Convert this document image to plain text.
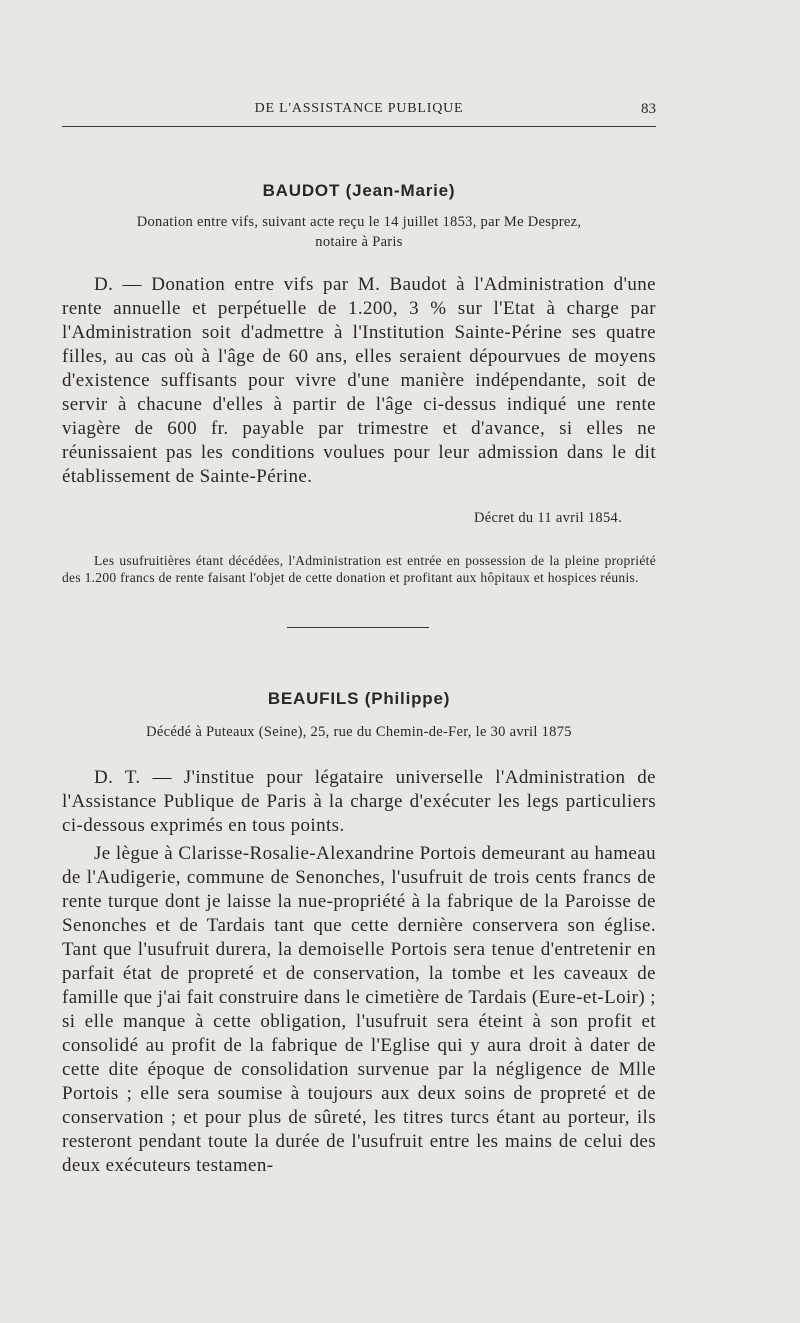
DE L'ASSISTANCE PUBLIQUE	83
BAUDOT (Jean-Marie)
Donation entre vifs, suivant acte reçu le 14 juillet 1853, par Me Desprez,
notaire à Paris
D. — Donation entre vifs par M. Baudot à l'Administration d'une rente annuelle et perpétuelle de 1.200, 3 % sur l'Etat à charge par l'Administration soit d'admettre à l'Institution Sainte-Périne ses quatre filles, au cas où à l'âge de 60 ans, elles seraient dépourvues de moyens d'existence suffisants pour vivre d'une manière indépendante, soit de servir à chacune d'elles à partir de l'âge ci-dessus indiqué une rente viagère de 600 fr. payable par trimestre et d'avance, si elles ne réunissaient pas les conditions voulues pour leur admission dans le dit établissement de Sainte-Périne.
Décret du 11 avril 1854.
Les usufruitières étant décédées, l'Administration est entrée en possession de la pleine propriété des 1.200 francs de rente faisant l'objet de cette donation et profitant aux hôpitaux et hospices réunis.
BEAUFILS (Philippe)
Décédé à Puteaux (Seine), 25, rue du Chemin-de-Fer, le 30 avril 1875
D. T. — J'institue pour légataire universelle l'Administration de l'Assistance Publique de Paris à la charge d'exécuter les legs particuliers ci-dessous exprimés en tous points.
Je lègue à Clarisse-Rosalie-Alexandrine Portois demeurant au hameau de l'Audigerie, commune de Senonches, l'usufruit de trois cents francs de rente turque dont je laisse la nue-propriété à la fabrique de la Paroisse de Senonches et de Tardais tant que cette dernière conservera son église. Tant que l'usufruit durera, la demoiselle Portois sera tenue d'entretenir en parfait état de propreté et de conservation, la tombe et les caveaux de famille que j'ai fait construire dans le cimetière de Tardais (Eure-et-Loir) ; si elle manque à cette obligation, l'usufruit sera éteint à son profit et consolidé au profit de la fabrique de l'Eglise qui y aura droit à dater de cette dite époque de consolidation survenue par la négligence de Mlle Portois ; elle sera soumise à toujours aux deux soins de propreté et de conservation ; et pour plus de sûreté, les titres turcs étant au porteur, ils resteront pendant toute la durée de l'usufruit entre les mains de celui des deux exécuteurs testamen-
